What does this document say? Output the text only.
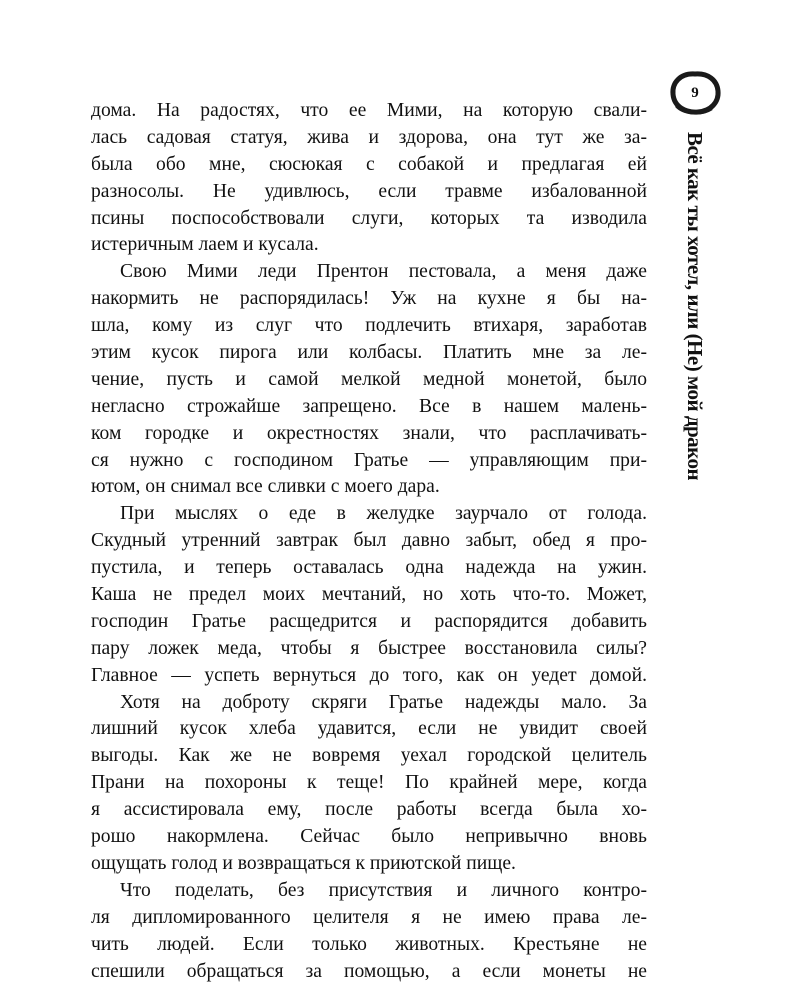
9
Всё как ты хотел, или (Не) мой дракон
дома. На радостях, что ее Мими, на которую свали-
лась садовая статуя, жива и здорова, она тут же за-
была обо мне, сюсюкая с собакой и предлагая ей
разносолы. Не удивлюсь, если травме избалованной
псины поспособствовали слуги, которых та изводила
истеричным лаем и кусала.
Свою Мими леди Прентон пестовала, а меня даже
накормить не распорядилась! Уж на кухне я бы на-
шла, кому из слуг что подлечить втихаря, заработав
этим кусок пирога или колбасы. Платить мне за ле-
чение, пусть и самой мелкой медной монетой, было
негласно строжайше запрещено. Все в нашем малень-
ком городке и окрестностях знали, что расплачивать-
ся нужно с господином Гратье — управляющим при-
ютом, он снимал все сливки с моего дара.
При мыслях о еде в желудке заурчало от голода.
Скудный утренний завтрак был давно забыт, обед я про-
пустила, и теперь оставалась одна надежда на ужин.
Каша не предел моих мечтаний, но хоть что-то. Может,
господин Гратье расщедрится и распорядится добавить
пару ложек меда, чтобы я быстрее восстановила силы?
Главное — успеть вернуться до того, как он уедет домой.
Хотя на доброту скряги Гратье надежды мало. За
лишний кусок хлеба удавится, если не увидит своей
выгоды. Как же не вовремя уехал городской целитель
Прани на похороны к теще! По крайней мере, когда
я ассистировала ему, после работы всегда была хо-
рошо накормлена. Сейчас было непривычно вновь
ощущать голод и возвращаться к приютской пище.
Что поделать, без присутствия и личного контро-
ля дипломированного целителя я не имею права ле-
чить людей. Если только животных. Крестьяне не
спешили обращаться за помощью, а если монеты не
